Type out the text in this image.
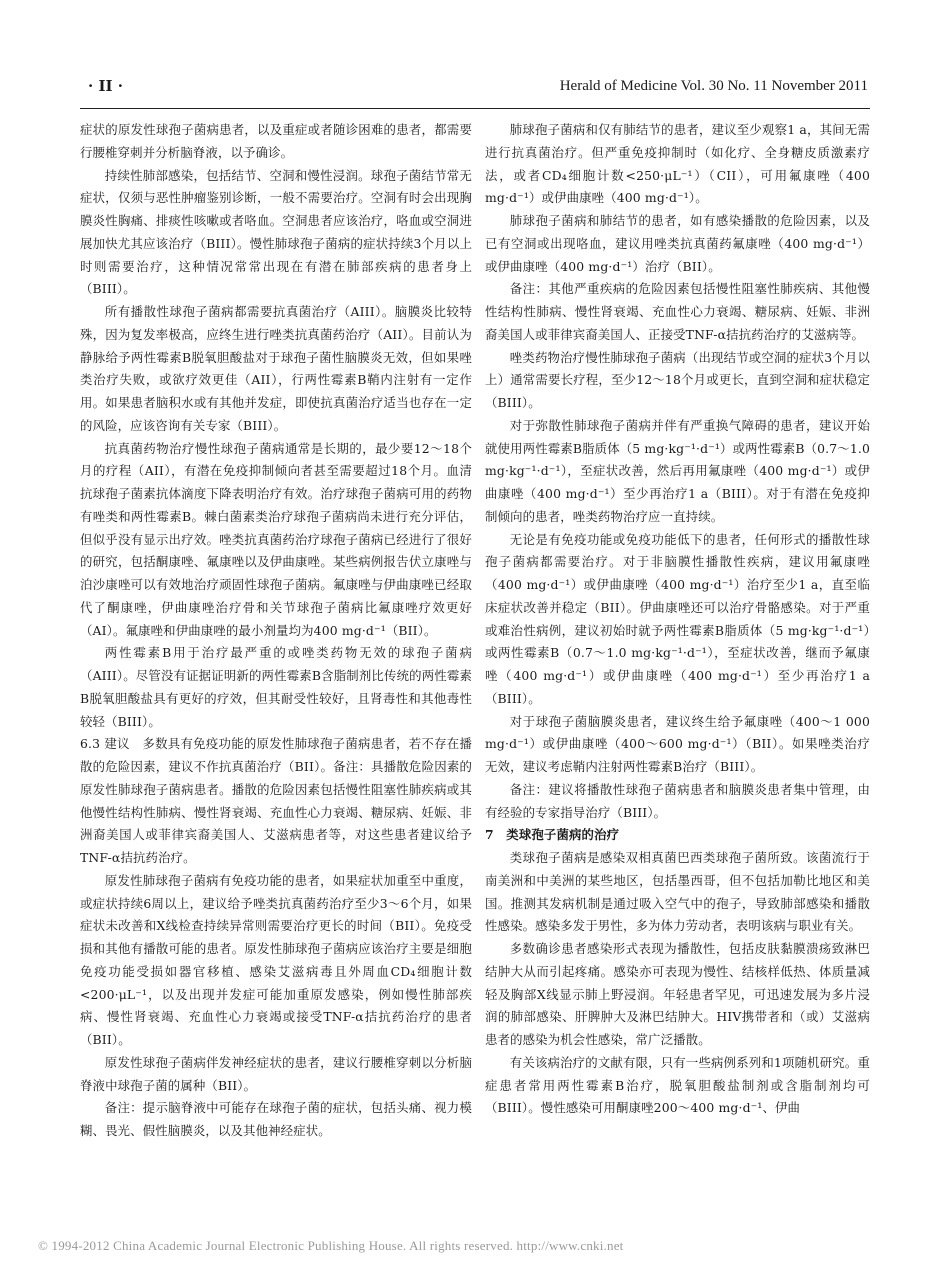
· 𝐈𝐈 ·	Herald of Medicine Vol. 30 No. 11 November 2011

症状的原发性球孢子菌病患者，以及重症或者随诊困难的患者，都需要行腰椎穿刺并分析脑脊液，以予确诊。

持续性肺部感染，包括结节、空洞和慢性浸润。球孢子菌结节常无症状，仅须与恶性肿瘤鉴别诊断，一般不需要治疗。空洞有时会出现胸膜炎性胸痛、排痰性咳嗽或者咯血。空洞患者应该治疗，咯血或空洞进展加快尤其应该治疗（BIII）。慢性肺球孢子菌病的症状持续3个月以上时则需要治疗，这种情况常常出现在有潜在肺部疾病的患者身上（BIII）。

所有播散性球孢子菌病都需要抗真菌治疗（AIII）。脑膜炎比较特殊，因为复发率极高，应终生进行唑类抗真菌药治疗（AII）。目前认为静脉给予两性霉素B脱氧胆酸盐对于球孢子菌性脑膜炎无效，但如果唑类治疗失败，或欲疗效更佳（AII），行两性霉素B鞘内注射有一定作用。如果患者脑积水或有其他并发症，即使抗真菌治疗适当也存在一定的风险，应该咨询有关专家（BIII）。

抗真菌药物治疗慢性球孢子菌病通常是长期的，最少要12～18个月的疗程（AII），有潜在免疫抑制倾向者甚至需要超过18个月。血清抗球孢子菌素抗体滴度下降表明治疗有效。治疗球孢子菌病可用的药物有唑类和两性霉素B。棘白菌素类治疗球孢子菌病尚未进行充分评估，但似乎没有显示出疗效。唑类抗真菌药治疗球孢子菌病已经进行了很好的研究，包括酮康唑、氟康唑以及伊曲康唑。某些病例报告伏立康唑与泊沙康唑可以有效地治疗顽固性球孢子菌病。氟康唑与伊曲康唑已经取代了酮康唑，伊曲康唑治疗骨和关节球孢子菌病比氟康唑疗效更好（AI）。氟康唑和伊曲康唑的最小剂量均为400 mg·d⁻¹（BII）。

两性霉素B用于治疗最严重的或唑类药物无效的球孢子菌病（AIII）。尽管没有证据证明新的两性霉素B含脂制剂比传统的两性霉素B脱氧胆酸盐具有更好的疗效，但其耐受性较好，且肾毒性和其他毒性较轻（BIII）。

6.3 建议　多数具有免疫功能的原发性肺球孢子菌病患者，若不存在播散的危险因素，建议不作抗真菌治疗（BII）。备注：具播散危险因素的原发性肺球孢子菌病患者。播散的危险因素包括慢性阻塞性肺疾病或其他慢性结构性肺病、慢性肾衰竭、充血性心力衰竭、糖尿病、妊娠、非洲裔美国人或菲律宾裔美国人、艾滋病患者等，对这些患者建议给予TNF-α拮抗药治疗。

原发性肺球孢子菌病有免疫功能的患者，如果症状加重至中重度，或症状持续6周以上，建议给予唑类抗真菌药治疗至少3～6个月，如果症状未改善和X线检查持续异常则需要治疗更长的时间（BII）。免疫受损和其他有播散可能的患者。原发性肺球孢子菌病应该治疗主要是细胞免疫功能受损如器官移植、感染艾滋病毒且外周血CD₄细胞计数<200·μL⁻¹，以及出现并发症可能加重原发感染，例如慢性肺部疾病、慢性肾衰竭、充血性心力衰竭或接受TNF-α拮抗药治疗的患者（BII）。

原发性球孢子菌病伴发神经症状的患者，建议行腰椎穿刺以分析脑脊液中球孢子菌的属种（BII）。

备注：提示脑脊液中可能存在球孢子菌的症状，包括头痛、视力模糊、畏光、假性脑膜炎，以及其他神经症状。

肺球孢子菌病和仅有肺结节的患者，建议至少观察1 a，其间无需进行抗真菌治疗。但严重免疫抑制时（如化疗、全身糖皮质激素疗法，或者CD₄细胞计数<250·μL⁻¹）（CII），可用氟康唑（400 mg·d⁻¹）或伊曲康唑（400 mg·d⁻¹）。

肺球孢子菌病和肺结节的患者，如有感染播散的危险因素，以及已有空洞或出现咯血，建议用唑类抗真菌药氟康唑（400 mg·d⁻¹）或伊曲康唑（400 mg·d⁻¹）治疗（BII）。

备注：其他严重疾病的危险因素包括慢性阻塞性肺疾病、其他慢性结构性肺病、慢性肾衰竭、充血性心力衰竭、糖尿病、妊娠、非洲裔美国人或菲律宾裔美国人、正接受TNF-α拮抗药治疗的艾滋病等。

唑类药物治疗慢性肺球孢子菌病（出现结节或空洞的症状3个月以上）通常需要长疗程，至少12～18个月或更长，直到空洞和症状稳定（BIII）。

对于弥散性肺球孢子菌病并伴有严重换气障碍的患者，建议开始就使用两性霉素B脂质体（5 mg·kg⁻¹·d⁻¹）或两性霉素B（0.7～1.0 mg·kg⁻¹·d⁻¹），至症状改善，然后再用氟康唑（400 mg·d⁻¹）或伊曲康唑（400 mg·d⁻¹）至少再治疗1 a（BIII）。对于有潜在免疫抑制倾向的患者，唑类药物治疗应一直持续。

无论是有免疫功能或免疫功能低下的患者，任何形式的播散性球孢子菌病都需要治疗。对于非脑膜性播散性疾病，建议用氟康唑（400 mg·d⁻¹）或伊曲康唑（400 mg·d⁻¹）治疗至少1 a，直至临床症状改善并稳定（BII）。伊曲康唑还可以治疗骨骼感染。对于严重或难治性病例，建议初始时就予两性霉素B脂质体（5 mg·kg⁻¹·d⁻¹）或两性霉素B（0.7～1.0 mg·kg⁻¹·d⁻¹），至症状改善，继而予氟康唑（400 mg·d⁻¹）或伊曲康唑（400 mg·d⁻¹）至少再治疗1 a（BIII）。

对于球孢子菌脑膜炎患者，建议终生给予氟康唑（400～1 000 mg·d⁻¹）或伊曲康唑（400～600 mg·d⁻¹）（BII）。如果唑类治疗无效，建议考虑鞘内注射两性霉素B治疗（BIII）。

备注：建议将播散性球孢子菌病患者和脑膜炎患者集中管理，由有经验的专家指导治疗（BIII）。

7　类球孢子菌病的治疗

类球孢子菌病是感染双相真菌巴西类球孢子菌所致。该菌流行于南美洲和中美洲的某些地区，包括墨西哥，但不包括加勒比地区和美国。推测其发病机制是通过吸入空气中的孢子，导致肺部感染和播散性感染。感染多发于男性，多为体力劳动者，表明该病与职业有关。

多数确诊患者感染形式表现为播散性，包括皮肤黏膜溃疡致淋巴结肿大从而引起疼痛。感染亦可表现为慢性、结核样低热、体质量减轻及胸部X线显示肺上野浸润。年轻患者罕见，可迅速发展为多片浸润的肺部感染、肝脾肿大及淋巴结肿大。HIV携带者和（或）艾滋病患者的感染为机会性感染，常广泛播散。

有关该病治疗的文献有限，只有一些病例系列和1项随机研究。重症患者常用两性霉素B治疗，脱氧胆酸盐制剂或含脂制剂均可（BIII）。慢性感染可用酮康唑200～400 mg·d⁻¹、伊曲

© 1994-2012 China Academic Journal Electronic Publishing House. All rights reserved. http://www.cnki.net
